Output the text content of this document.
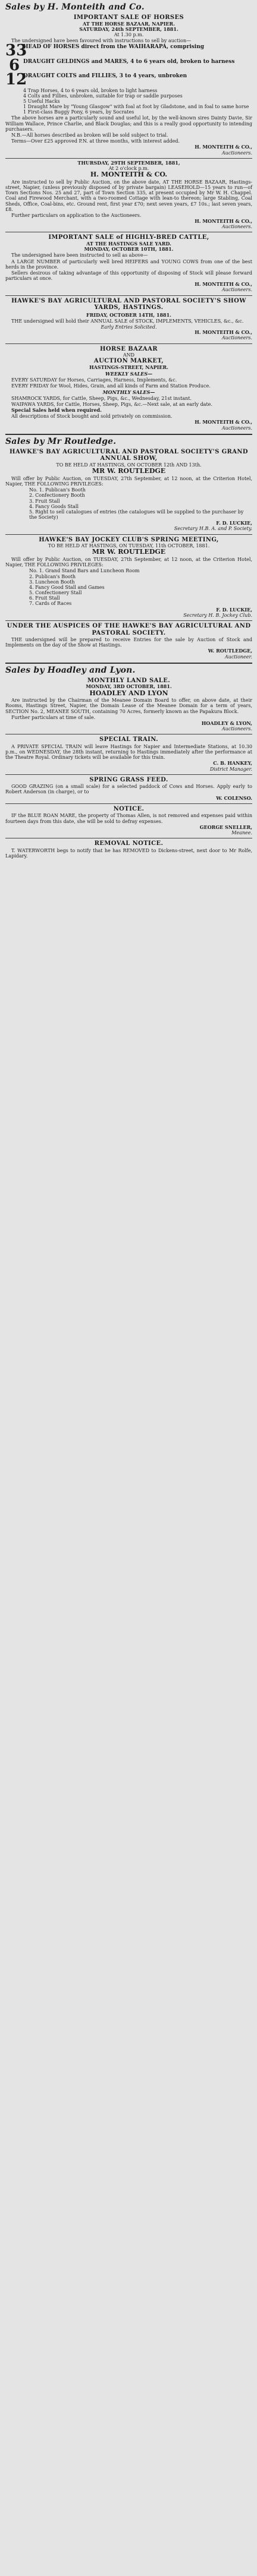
Sales by H. Monteith and Co.
IMPORTANT SALE OF HORSES
AT THE HORSE BAZAAR, NAPIER.
SATURDAY, 24th SEPTEMBER, 1881.
At 1.30 p.m.
The undersigned have been favoured with instructions to sell by auction—
33
HEAD OF HORSES direct from the WAIHARAPA, comprising
6 DRAUGHT GELDINGS and MARES, 4 to 6 years old, broken to harness
12
DRAUGHT COLTS and FILLIES, 3 to 4 years, unbroken
4 Trap Horses, 4 to 6 years old, broken to light harness
4 Colts and Fillies, unbroken, suitable for trap or saddle purposes
5 Useful Hacks
1 Draught Mare by "Young Glasgow" with foal at foot by Gladstone, and in foal to same horse
1 First-class Buggy Pony, 6 years, by Socrates
The above horses are a particularly sound and useful lot, by the well-known sires Dainty Davie, Sir William Wallace, Prince Charlie, and Black Douglas; and this is a really good opportunity to intending purchasers.
N.B.—All horses described as broken will be sold subject to trial.
Terms—Over £25 approved P.N. at three months, with interest added.
H. MONTEITH & CO.,
Auctioneers.
THURSDAY, 29TH SEPTEMBER, 1881,
At 2 o'clock p.m.
H. MONTEITH & CO.
Are instructed to sell by Public Auction, on the above date, AT THE HORSE BAZAAR, Hastings-street, Napier, (unless previously disposed of by private bargain) LEASEHOLD—15 years to run—of Town Sections Nos. 25 and 27, part of Town Section 335, at present occupied by Mr W. H. Chappel. Coal and Firewood Merchant, with a two-roomed Cottage with lean-to thereon; large Stabling, Coal Sheds, Office, Coal-bins, etc. Ground rent, first year £70; next seven years, £7 10s.; last seven years, £8.
Further particulars on application to the Auctioneers.
H. MONTEITH & CO.,
Auctioneers.
IMPORTANT SALE of HIGHLY-BRED CATTLE,
AT THE HASTINGS SALE YARD.
MONDAY, OCTOBER 10TH, 1881.
The undersigned have been instructed to sell as above—
A LARGE NUMBER of particularly well bred HEIFERS and YOUNG COWS from one of the best herds in the province.
Sellers desirous of taking advantage of this opportunity of disposing of Stock will please forward particulars at once.
H. MONTEITH & CO.,
Auctioneers.
HAWKE'S BAY AGRICULTURAL AND PASTORAL SOCIETY'S SHOW YARDS, HASTINGS.
FRIDAY, OCTOBER 14TH, 1881.
THE undersigned will hold their ANNUAL SALE of STOCK, IMPLEMENTS, VEHICLES, &c., &c.
Early Entries Solicited.
H. MONTEITH & CO.,
Auctioneers.
HORSE BAZAAR
AND
AUCTION MARKET,
HASTINGS-STREET, NAPIER.
WEEKLY SALES—
EVERY SATURDAY for Horses, Carriages, Harness, Implements, &c.
EVERY FRIDAY for Wool, Hides, Grain, and all kinds of Farm and Station Produce.
MONTHLY SALES—
SHAMROCK YARDS, for Cattle, Sheep, Pigs, &c., Wednesday, 21st instant.
WAIPAWA YARDS, for Cattle, Horses, Sheep, Pigs, &c.—Next sale, at an early date.
Special Sales held when required.
All descriptions of Stock bought and sold privately on commission.
H. MONTEITH & CO.,
Auctioneers.
Sales by Mr Routledge.
HAWKE'S BAY AGRICULTURAL AND PASTORAL SOCIETY'S GRAND ANNUAL SHOW,
TO BE HELD AT HASTINGS, ON OCTOBER 12th AND 13th.
MR W. ROUTLEDGE
Will offer by Public Auction, on TUESDAY, 27th September, at 12 noon, at the Criterion Hotel, Napier, THE FOLLOWING PRIVILEGES:
No. 1. Publican's Booth
2. Confectionery Booth
3. Fruit Stall
4. Fancy Goods Stall
5. Right to sell catalogues of entries (the catalogues will be supplied to the purchaser by the Society)
F. D. LUCKIE,
Secretary H.B. A. and P. Society.
HAWKE'S BAY JOCKEY CLUB'S SPRING MEETING,
TO BE HELD AT HASTINGS, ON TUESDAY, 11th OCTOBER, 1881.
MR W. ROUTLEDGE
Will offer by Public Auction, on TUESDAY, 27th September, at 12 noon, at the Criterion Hotel, Napier, THE FOLLOWING PRIVILEGES:
No. 1. Grand Stand Bars and Luncheon Room
2. Publican's Booth
3. Luncheon Booth
4. Fancy Good Stall and Games
5. Confectionery Stall
6. Fruit Stall
7. Cards of Races
F. D. LUCKIE,
Secretary H. B. Jockey Club.
UNDER THE AUSPICES OF THE HAWKE'S BAY AGRICULTURAL AND PASTORAL SOCIETY.
THE undersigned will be prepared to receive Entries for the sale by Auction of Stock and Implements on the day of the Show at Hastings.
W. ROUTLEDGE,
Auctioneer.
Sales by Hoadley and Lyon.
MONTHLY LAND SALE.
MONDAY, 3RD OCTOBER, 1881.
HOADLEY AND LYON
Are instructed by the Chairman of the Meanee Domain Board to offer, on above date, at their Rooms, Hastings Street, Napier, the Domain Lease of the Meanee Domain for a term of years, SECTION No. 2, MEANEE SOUTH, containing 70 Acres, formerly known as the Papakura Block.
Further particulars at time of sale.
HOADLEY & LYON,
Auctioneers.
SPECIAL TRAIN.
A PRIVATE SPECIAL TRAIN will leave Hastings for Napier and Intermediate Stations, at 10.30 p.m., on WEDNESDAY, the 28th instant, returning to Hastings immediately after the performance at the Theatre Royal. Ordinary tickets will be available for this train.
C. B. HANKEY,
District Manager.
SPRING GRASS FEED.
GOOD GRAZING (on a small scale) for a selected paddock of Cows and Horses. Apply early to Robert Anderson (in charge), or to
W. COLENSO.
NOTICE.
IF the BLUE ROAN MARE, the property of Thomas Allen, is not removed and expenses paid within fourteen days from this date, she will be sold to defray expenses.
GEORGE SNELLER,
Meanee.
REMOVAL NOTICE.
T. WATERWORTH begs to notify that he has REMOVED to Dickens-street, next door to Mr Rolfe, Lapidary.
